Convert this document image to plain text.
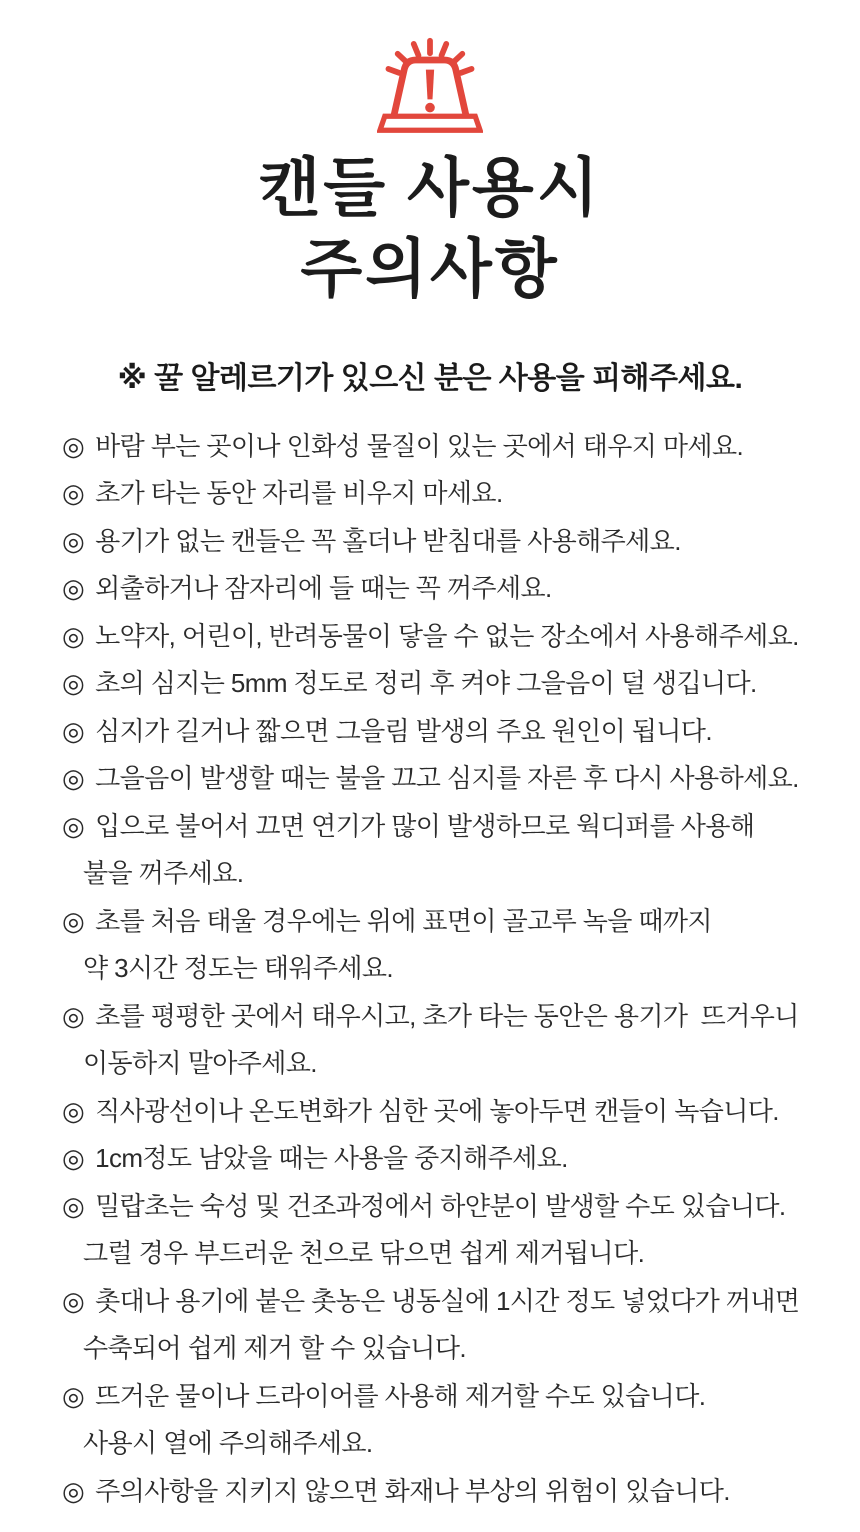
캔들 사용시
주의사항
※ 꿀 알레르기가 있으신 분은 사용을 피해주세요.
◎ 바람 부는 곳이나 인화성 물질이 있는 곳에서 태우지 마세요.
◎ 초가 타는 동안 자리를 비우지 마세요.
◎ 용기가 없는 캔들은 꼭 홀더나 받침대를 사용해주세요.
◎ 외출하거나 잠자리에 들 때는 꼭 꺼주세요.
◎ 노약자, 어린이, 반려동물이 닿을 수 없는 장소에서 사용해주세요.
◎ 초의 심지는 5mm 정도로 정리 후 켜야 그을음이 덜 생깁니다.
◎ 심지가 길거나 짧으면 그을림 발생의 주요 원인이 됩니다.
◎ 그을음이 발생할 때는 불을 끄고 심지를 자른 후 다시 사용하세요.
◎ 입으로 불어서 끄면 연기가 많이 발생하므로 웍디퍼를 사용해
불을 꺼주세요.
◎ 초를 처음 태울 경우에는 위에 표면이 골고루 녹을 때까지
약 3시간 정도는 태워주세요.
◎ 초를 평평한 곳에서 태우시고, 초가 타는 동안은 용기가  뜨거우니
이동하지 말아주세요.
◎ 직사광선이나 온도변화가 심한 곳에 놓아두면 캔들이 녹습니다.
◎ 1cm정도 남았을 때는 사용을 중지해주세요.
◎ 밀랍초는 숙성 및 건조과정에서 하얀분이 발생할 수도 있습니다.
그럴 경우 부드러운 천으로 닦으면 쉽게 제거됩니다.
◎ 촛대나 용기에 붙은 촛농은 냉동실에 1시간 정도 넣었다가 꺼내면
수축되어 쉽게 제거 할 수 있습니다.
◎ 뜨거운 물이나 드라이어를 사용해 제거할 수도 있습니다.
사용시 열에 주의해주세요.
◎ 주의사항을 지키지 않으면 화재나 부상의 위험이 있습니다.
